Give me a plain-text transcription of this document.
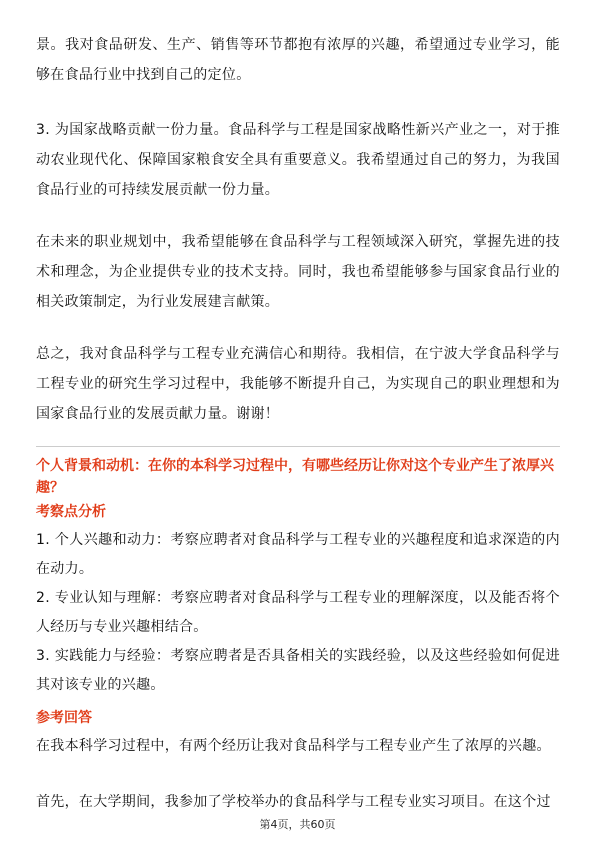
景。我对食品研发、生产、销售等环节都抱有浓厚的兴趣，希望通过专业学习，能够在食品行业中找到自己的定位。

3. 为国家战略贡献一份力量。食品科学与工程是国家战略性新兴产业之一，对于推动农业现代化、保障国家粮食安全具有重要意义。我希望通过自己的努力，为我国食品行业的可持续发展贡献一份力量。

在未来的职业规划中，我希望能够在食品科学与工程领域深入研究，掌握先进的技术和理念，为企业提供专业的技术支持。同时，我也希望能够参与国家食品行业的相关政策制定，为行业发展建言献策。

总之，我对食品科学与工程专业充满信心和期待。我相信，在宁波大学食品科学与工程专业的研究生学习过程中，我能够不断提升自己，为实现自己的职业理想和为国家食品行业的发展贡献力量。谢谢！

个人背景和动机：在你的本科学习过程中，有哪些经历让你对这个专业产生了浓厚兴趣？

考察点分析

1. 个人兴趣和动力：考察应聘者对食品科学与工程专业的兴趣程度和追求深造的内在动力。
2. 专业认知与理解：考察应聘者对食品科学与工程专业的理解深度，以及能否将个人经历与专业兴趣相结合。
3. 实践能力与经验：考察应聘者是否具备相关的实践经验，以及这些经验如何促进其对该专业的兴趣。

参考回答

在我本科学习过程中，有两个经历让我对食品科学与工程专业产生了浓厚的兴趣。

首先，在大学期间，我参加了学校举办的食品科学与工程专业实习项目。在这个过

第4页，共60页
